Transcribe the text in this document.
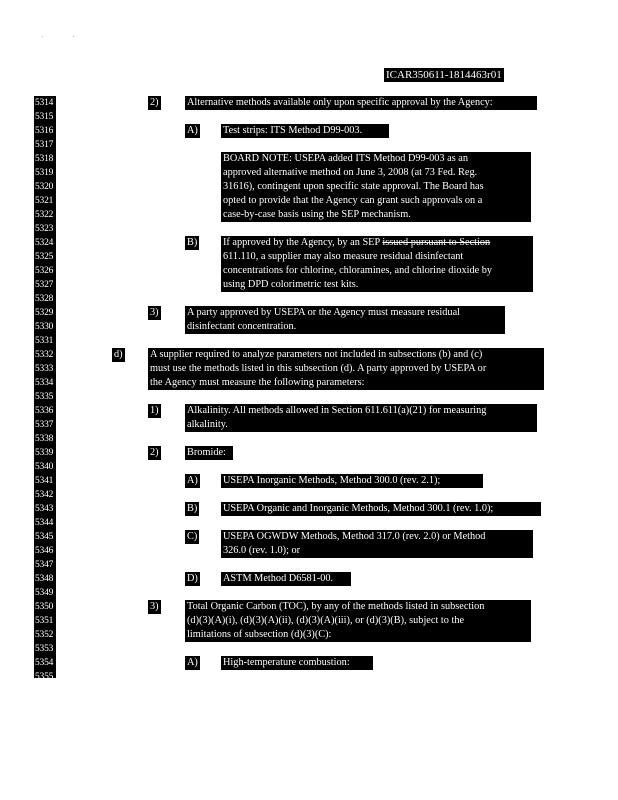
'	'
ICAR350611-1814463r01
5314
5315
5316
5317
5318
5319
5320
5321
5322
5323
5324
5325
5326
5327
5328
5329
5330
5331
5332
5333
5334
5335
5336
5337
5338
5339
5340
5341
5342
5343
5344
5345
5346
5347
5348
5349
5350
5351
5352
5353
5354
5355
2)	Alternative methods available only upon specific approval by the Agency:
A) Test strips: ITS Method D99-003.
BOARD NOTE: USEPA added ITS Method D99-003 as an
approved alternative method on June 3, 2008 (at 73 Fed. Reg.
31616), contingent upon specific state approval. The Board has
opted to provide that the Agency can grant such approvals on a
case-by-case basis using the SEP mechanism.
B) If approved by the Agency, by an SEP issued pursuant to Section
611.110, a supplier may also measure residual disinfectant
concentrations for chlorine, chloramines, and chlorine dioxide by
using DPD colorimetric test kits.
3)	A party approved by USEPA or the Agency must measure residual
disinfectant concentration.
d)	A supplier required to analyze parameters not included in subsections (b) and (c)
must use the methods listed in this subsection (d). A party approved by USEPA or
the Agency must measure the following parameters:
1)	Alkalinity. All methods allowed in Section 611.611(a)(21) for measuring
alkalinity.
2)	Bromide:
A) USEPA Inorganic Methods, Method 300.0 (rev. 2.1);
B) USEPA Organic and Inorganic Methods, Method 300.1 (rev. 1.0);
C) USEPA OGWDW Methods, Method 317.0 (rev. 2.0) or Method
326.0 (rev. 1.0); or
D) ASTM Method D6581-00.
3)	Total Organic Carbon (TOC), by any of the methods listed in subsection
(d)(3)(A)(i), (d)(3)(A)(ii), (d)(3)(A)(iii), or (d)(3)(B), subject to the
limitations of subsection (d)(3)(C):
A) High-temperature combustion:
